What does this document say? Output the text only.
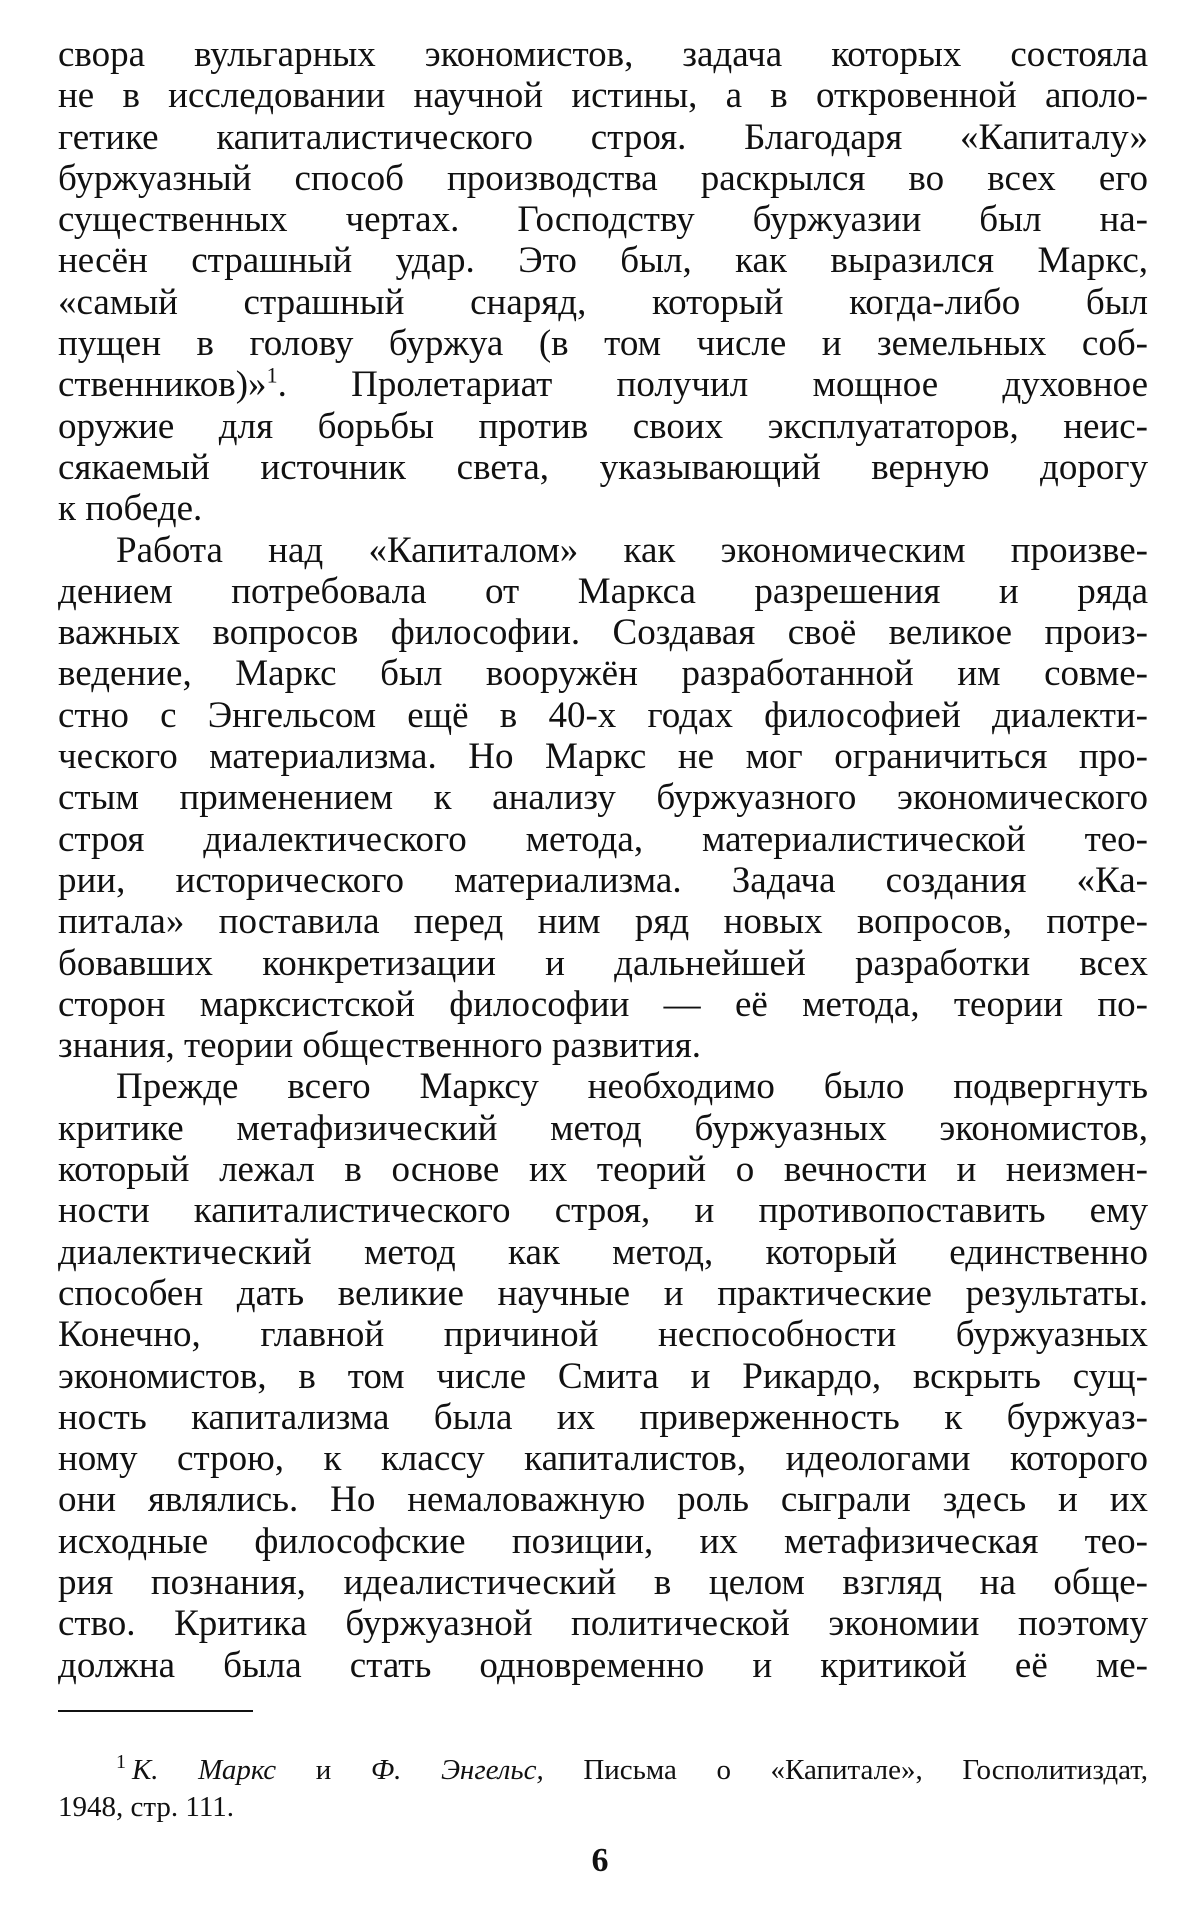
свора вульгарных экономистов, задача которых состояла
не в исследовании научной истины, а в откровенной аполо-
гетике капиталистического строя. Благодаря «Капиталу»
буржуазный способ производства раскрылся во всех его
существенных чертах. Господству буржуазии был на-
несён страшный удар. Это был, как выразился Маркс,
«самый страшный снаряд, который когда-либо был
пущен в голову буржуа (в том числе и земельных соб-
ственников)»$^1$. Пролетариат получил мощное духовное
оружие для борьбы против своих эксплуататоров, неис-
сякаемый источник света, указывающий верную дорогу
к победе.
Работа над «Капиталом» как экономическим произве-
дением потребовала от Маркса разрешения и ряда
важных вопросов философии. Создавая своё великое произ-
ведение, Маркс был вооружён разработанной им совме-
стно с Энгельсом ещё в 40-х годах философией диалекти-
ческого материализма. Но Маркс не мог ограничиться про-
стым применением к анализу буржуазного экономического
строя диалектического метода, материалистической тео-
рии, исторического материализма. Задача создания «Ка-
питала» поставила перед ним ряд новых вопросов, потре-
бовавших конкретизации и дальнейшей разработки всех
сторон марксистской философии — её метода, теории по-
знания, теории общественного развития.
Прежде всего Марксу необходимо было подвергнуть
критике метафизический метод буржуазных экономистов,
который лежал в основе их теорий о вечности и неизмен-
ности капиталистического строя, и противопоставить ему
диалектический метод как метод, который единственно
способен дать великие научные и практические результаты.
Конечно, главной причиной неспособности буржуазных
экономистов, в том числе Смита и Рикардо, вскрыть сущ-
ность капитализма была их приверженность к буржуаз-
ному строю, к классу капиталистов, идеологами которого
они являлись. Но немаловажную роль сыграли здесь и их
исходные философские позиции, их метафизическая тео-
рия познания, идеалистический в целом взгляд на обще-
ство. Критика буржуазной политической экономии поэтому
должна была стать одновременно и критикой её ме-
$^1$ К. Маркс и Ф. Энгельс, Письма о «Капитале», Госполитиздат,
1948, стр. 111.
6
